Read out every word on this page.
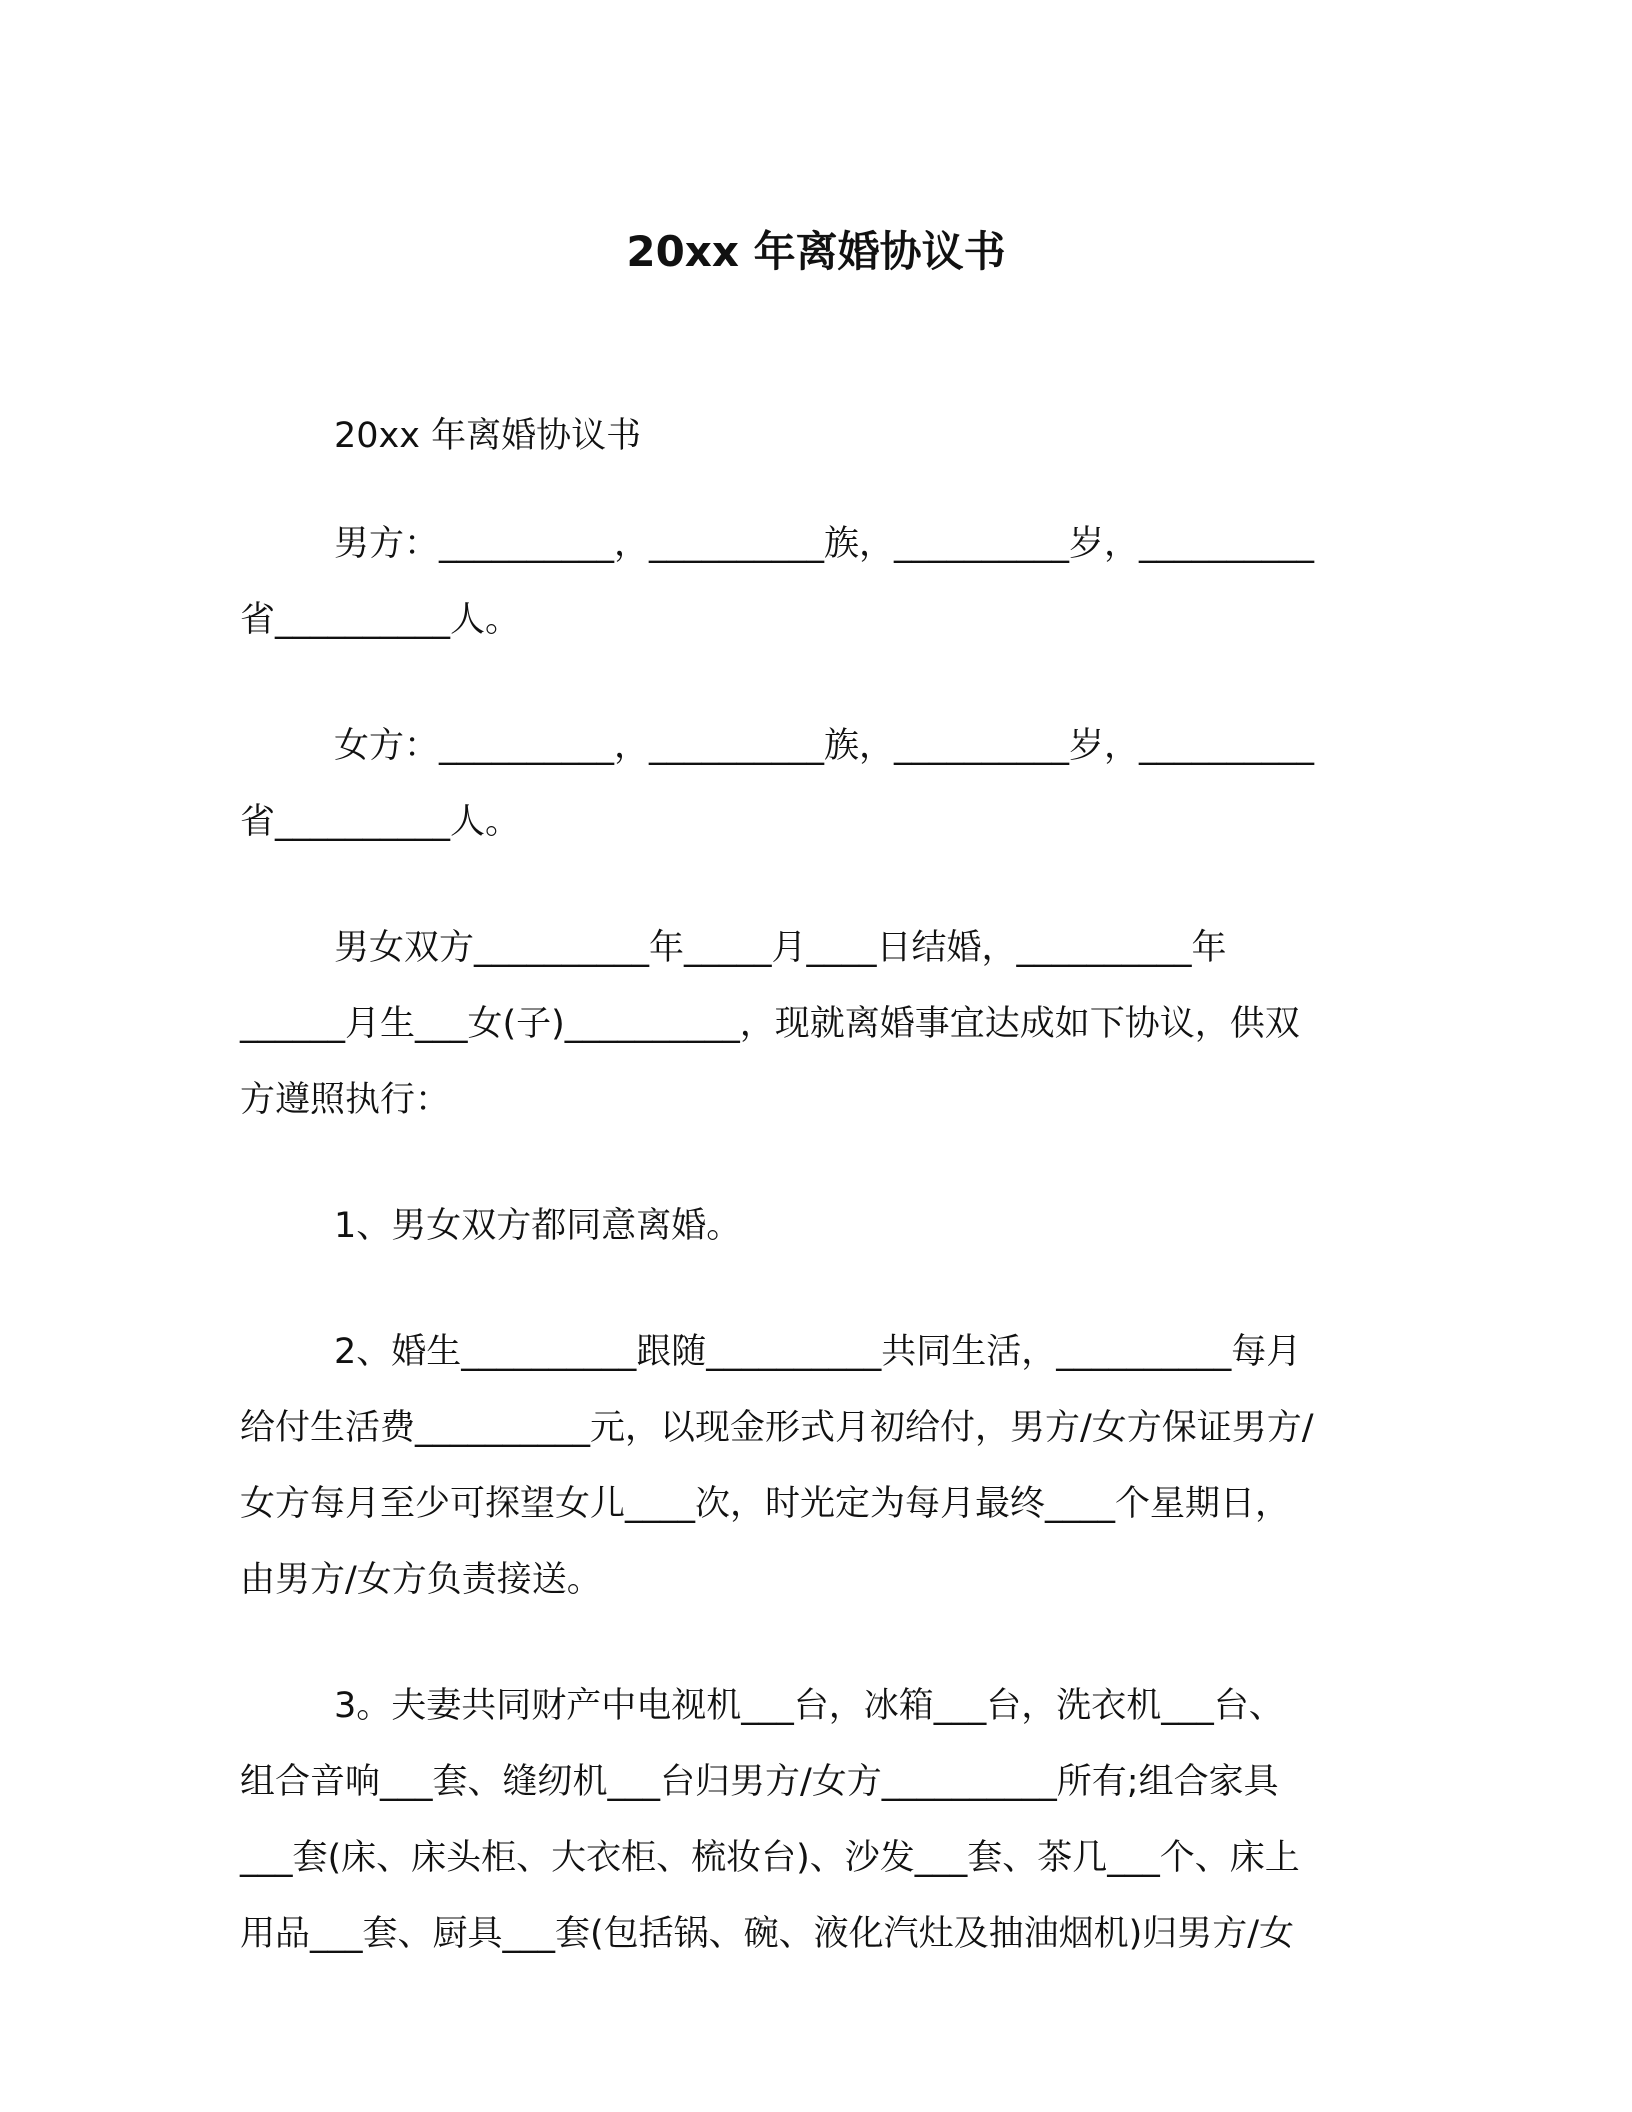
20xx 年离婚协议书

20xx 年离婚协议书

男方：__________，__________族，__________岁，__________
省__________人。

女方：__________，__________族，__________岁，__________
省__________人。

男女双方__________年_____月____日结婚，__________年
______月生___女(子)__________，现就离婚事宜达成如下协议，供双
方遵照执行：

1、男女双方都同意离婚。

2、婚生__________跟随__________共同生活，__________每月
给付生活费__________元，以现金形式月初给付，男方/女方保证男方/
女方每月至少可探望女儿____次，时光定为每月最终____个星期日，
由男方/女方负责接送。

3。夫妻共同财产中电视机___台，冰箱___台，洗衣机___台、
组合音响___套、缝纫机___台归男方/女方__________所有;组合家具
___套(床、床头柜、大衣柜、梳妆台)、沙发___套、茶几___个、床上
用品___套、厨具___套(包括锅、碗、液化汽灶及抽油烟机)归男方/女
